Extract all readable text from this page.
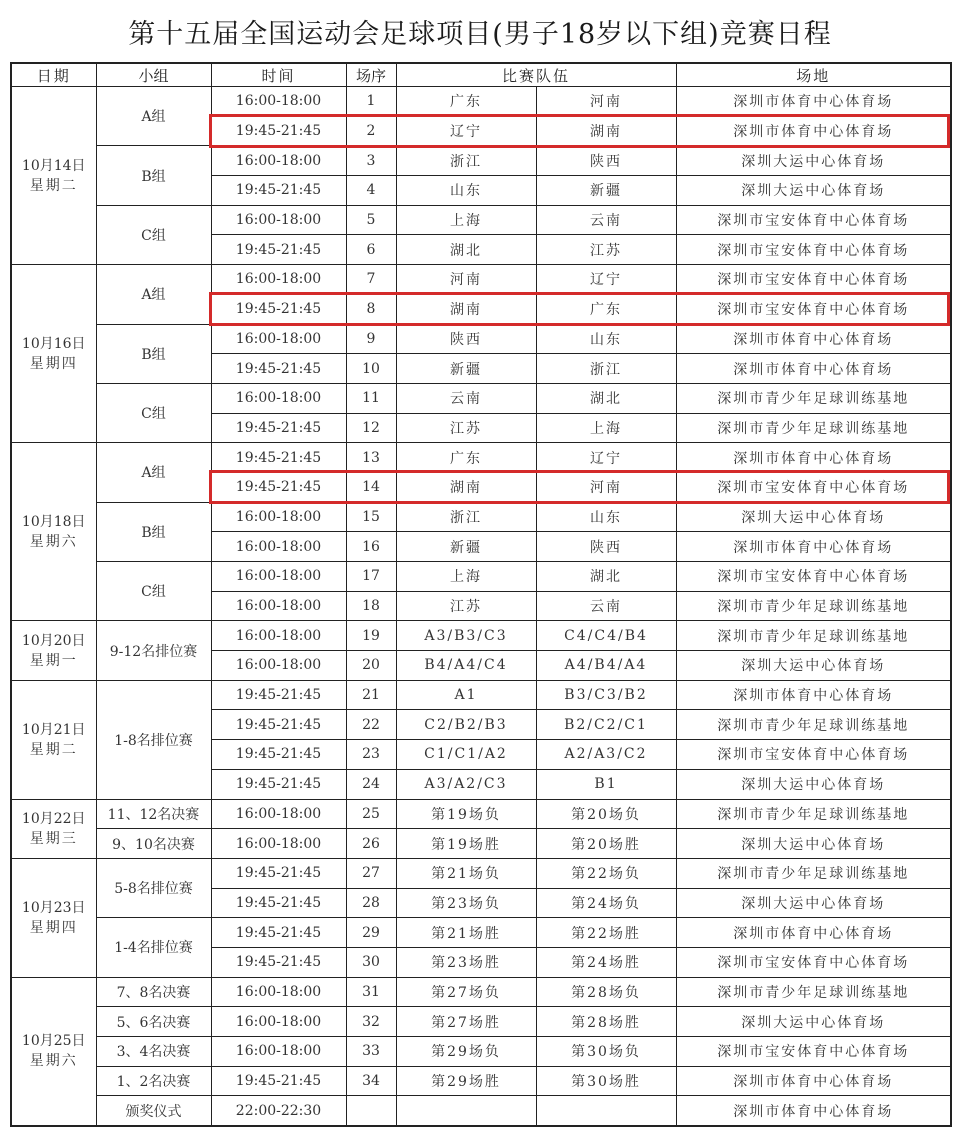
第十五届全国运动会足球项目(男子18岁以下组)竞赛日程
日期	小组	时间	场序	比赛队伍		场地

10月14日
星期二	A组	16:00-18:00	1	广东	河南	深圳市体育中心体育场
		19:45-21:45	2	辽宁	湖南	深圳市体育中心体育场
	B组	16:00-18:00	3	浙江	陕西	深圳大运中心体育场
		19:45-21:45	4	山东	新疆	深圳大运中心体育场
	C组	16:00-18:00	5	上海	云南	深圳市宝安体育中心体育场
		19:45-21:45	6	湖北	江苏	深圳市宝安体育中心体育场

10月16日
星期四	A组	16:00-18:00	7	河南	辽宁	深圳市宝安体育中心体育场
		19:45-21:45	8	湖南	广东	深圳市宝安体育中心体育场
	B组	16:00-18:00	9	陕西	山东	深圳市体育中心体育场
		19:45-21:45	10	新疆	浙江	深圳市体育中心体育场
	C组	16:00-18:00	11	云南	湖北	深圳市青少年足球训练基地
		19:45-21:45	12	江苏	上海	深圳市青少年足球训练基地

10月18日
星期六	A组	19:45-21:45	13	广东	辽宁	深圳市体育中心体育场
		19:45-21:45	14	湖南	河南	深圳市宝安体育中心体育场
	B组	16:00-18:00	15	浙江	山东	深圳大运中心体育场
		16:00-18:00	16	新疆	陕西	深圳市体育中心体育场
	C组	16:00-18:00	17	上海	湖北	深圳市宝安体育中心体育场
		16:00-18:00	18	江苏	云南	深圳市青少年足球训练基地

10月20日
星期一	9-12名排位赛	16:00-18:00	19	A3/B3/C3	C4/C4/B4	深圳市青少年足球训练基地
		16:00-18:00	20	B4/A4/C4	A4/B4/A4	深圳大运中心体育场

10月21日
星期二	1-8名排位赛	19:45-21:45	21	A1	B3/C3/B2	深圳市体育中心体育场
		19:45-21:45	22	C2/B2/B3	B2/C2/C1	深圳市青少年足球训练基地
		19:45-21:45	23	C1/C1/A2	A2/A3/C2	深圳市宝安体育中心体育场
		19:45-21:45	24	A3/A2/C3	B1	深圳大运中心体育场

10月22日
星期三	11、12名决赛	16:00-18:00	25	第19场负	第20场负	深圳市青少年足球训练基地
	9、10名决赛	16:00-18:00	26	第19场胜	第20场胜	深圳大运中心体育场

10月23日
星期四	5-8名排位赛	19:45-21:45	27	第21场负	第22场负	深圳市青少年足球训练基地
		19:45-21:45	28	第23场负	第24场负	深圳大运中心体育场
	1-4名排位赛	19:45-21:45	29	第21场胜	第22场胜	深圳市体育中心体育场
		19:45-21:45	30	第23场胜	第24场胜	深圳市宝安体育中心体育场

10月25日
星期六	7、8名决赛	16:00-18:00	31	第27场负	第28场负	深圳市青少年足球训练基地
	5、6名决赛	16:00-18:00	32	第27场胜	第28场胜	深圳大运中心体育场
	3、4名决赛	16:00-18:00	33	第29场负	第30场负	深圳市宝安体育中心体育场
	1、2名决赛	19:45-21:45	34	第29场胜	第30场胜	深圳市体育中心体育场
	颁奖仪式	22:00-22:30				深圳市体育中心体育场
